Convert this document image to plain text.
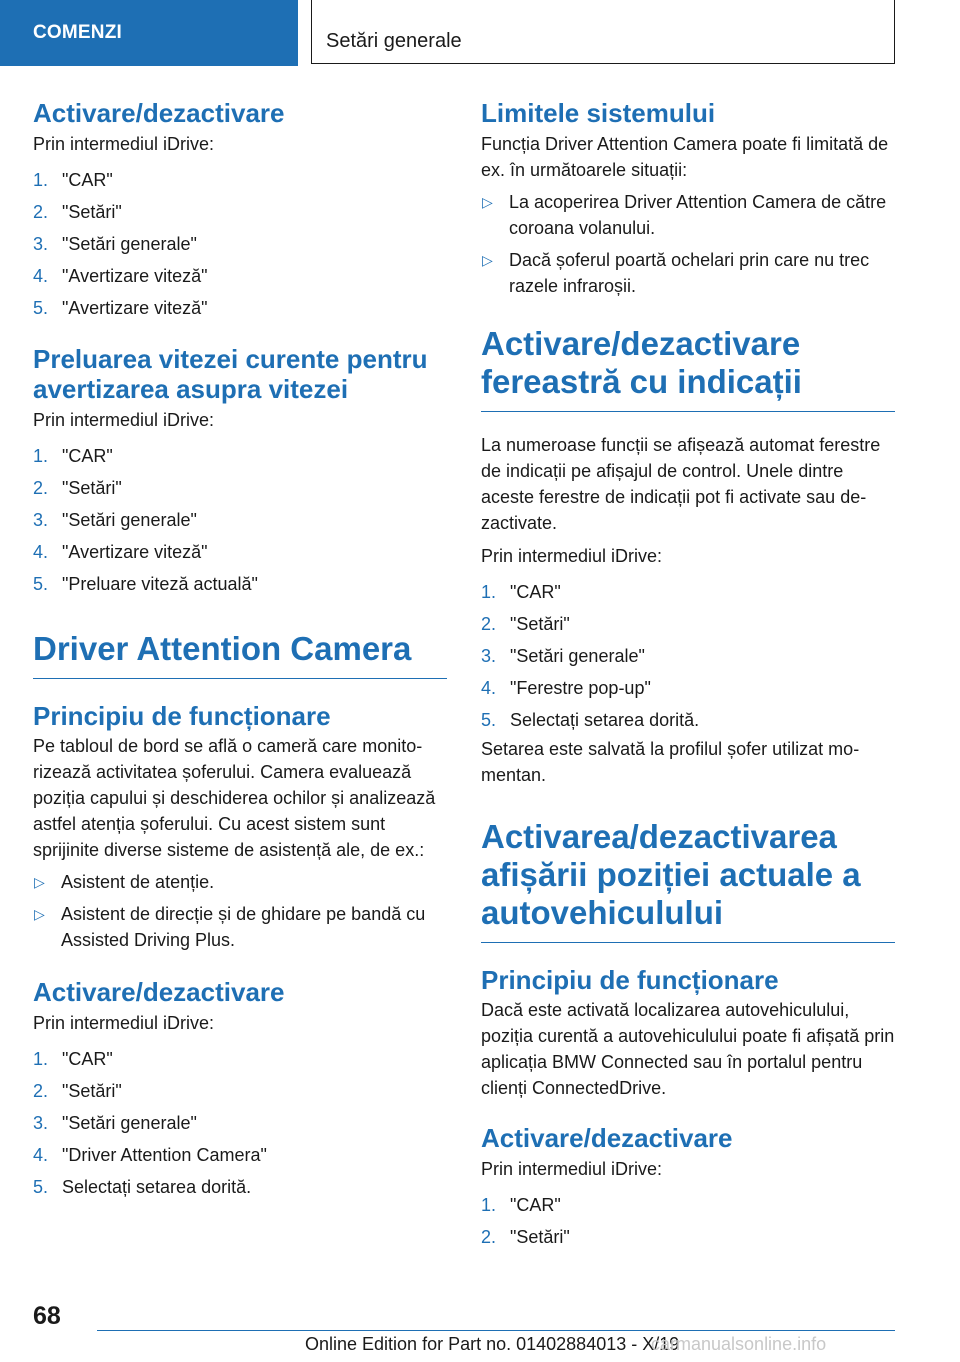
COMENZI	Setări generale
Activare/dezactivare

Prin intermediul iDrive:

1. "CAR"
2. "Setări"
3. "Setări generale"
4. "Avertizare viteză"
5. "Avertizare viteză"
Preluarea vitezei curente pentru avertizarea asupra vitezei

Prin intermediul iDrive:

1. "CAR"
2. "Setări"
3. "Setări generale"
4. "Avertizare viteză"
5. "Preluare viteză actuală"
Driver Attention Camera
Principiu de funcționare

Pe tabloul de bord se află o cameră care monitorizează activitatea șoferului. Camera evaluează poziția capului și deschiderea ochilor și analizează astfel atenția șoferului. Cu acest sistem sunt sprijinite diverse sisteme de asistență ale, de ex.:

▷ Asistent de atenție.
▷ Asistent de direcție și de ghidare pe bandă cu Assisted Driving Plus.
Activare/dezactivare

Prin intermediul iDrive:

1. "CAR"
2. "Setări"
3. "Setări generale"
4. "Driver Attention Camera"
5. Selectați setarea dorită.
Limitele sistemului

Funcția Driver Attention Camera poate fi limitată de ex. în următoarele situații:

▷ La acoperirea Driver Attention Camera de către coroana volanului.
▷ Dacă șoferul poartă ochelari prin care nu trec razele infraroșii.
Activare/dezactivare fereastră cu indicații

La numeroase funcții se afișează automat ferestre de indicații pe afișajul de control. Unele dintre aceste ferestre de indicații pot fi activate sau dezactivate.

Prin intermediul iDrive:

1. "CAR"
2. "Setări"
3. "Setări generale"
4. "Ferestre pop-up"
5. Selectați setarea dorită.

Setarea este salvată la profilul șofer utilizat momentan.

Activarea/dezactivarea afișării poziției actuale a autovehiculului
Principiu de funcționare

Dacă este activată localizarea autovehiculului, poziția curentă a autovehiculului poate fi afișată prin aplicația BMW Connected sau în portalul pentru clienți ConnectedDrive.

Activare/dezactivare

Prin intermediul iDrive:

1. "CAR"
2. "Setări"
68
Online Edition for Part no. 01402884013 - X/19
carmanualsonline.info
